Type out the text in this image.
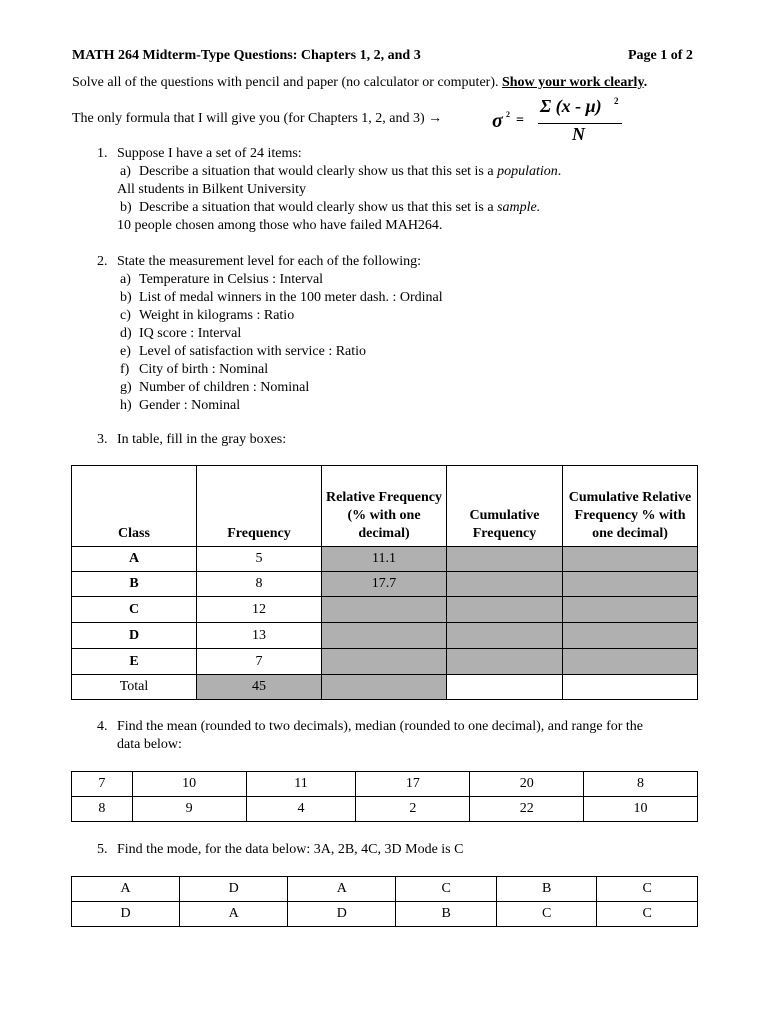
MATH 264 Midterm-Type Questions: Chapters 1, 2, and 3	Page 1 of 2
Solve all of the questions with pencil and paper (no calculator or computer). Show your work clearly.
The only formula that I will give you (for Chapters 1, 2, and 3) → σ 2 =
Σ (x - μ) 2
N
1. Suppose I have a set of 24 items:
a) Describe a situation that would clearly show us that this set is a population.
All students in Bilkent University
b) Describe a situation that would clearly show us that this set is a sample.
10 people chosen among those who have failed MAH264.
2. State the measurement level for each of the following:
a) Temperature in Celsius : Interval
b) List of medal winners in the 100 meter dash. : Ordinal
c) Weight in kilograms : Ratio
d) IQ score : Interval
e) Level of satisfaction with service : Ratio
f) City of birth : Nominal
g) Number of children : Nominal
h) Gender : Nominal
3. In table, fill in the gray boxes:
Class	Frequency	Relative Frequency (% with one decimal)	Cumulative Frequency	Cumulative Relative Frequency % with one decimal)
A	5	11.1		
B	8	17.7		
C	12			
D	13			
E	7			
Total	45			
4. Find the mean (rounded to two decimals), median (rounded to one decimal), and range for the
data below:
7	10	11	17	20	8
8	9	4	2	22	10
5. Find the mode, for the data below: 3A, 2B, 4C, 3D Mode is C
A	D	A	C	B	C
D	A	D	B	C	C
